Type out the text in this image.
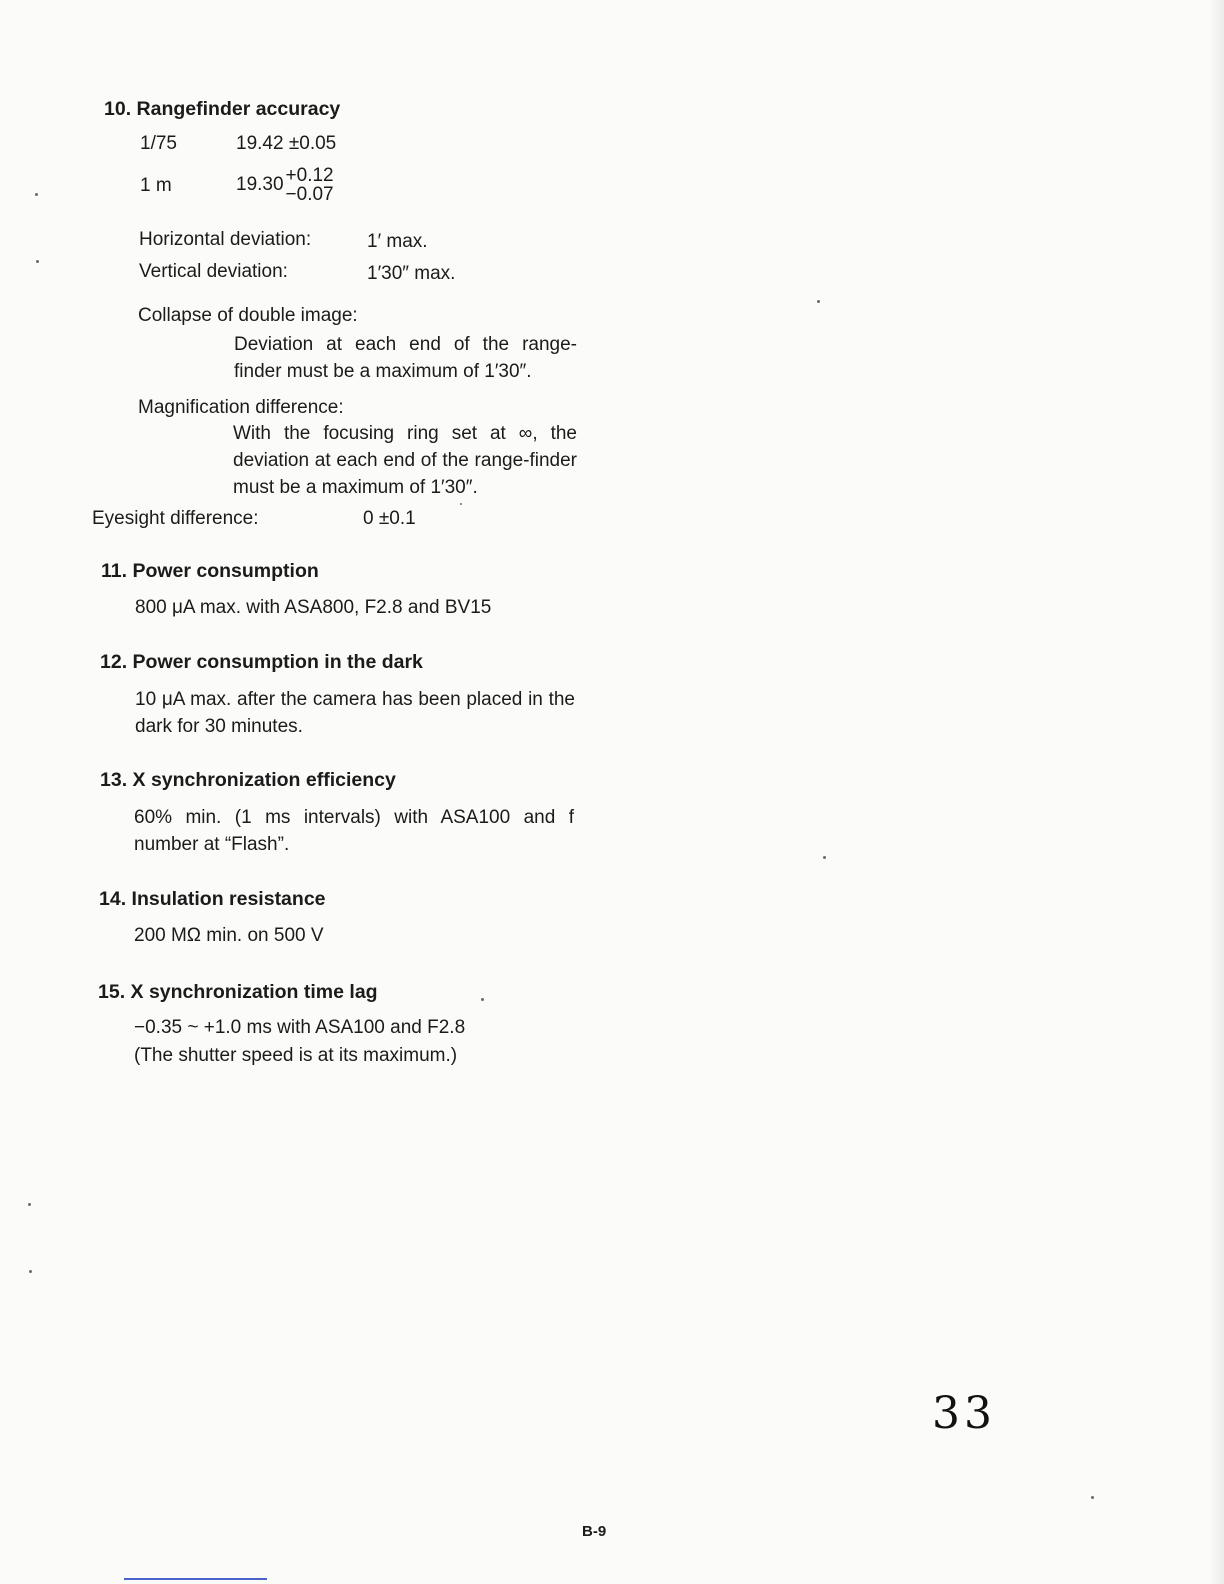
10. Rangefinder accuracy
1/75	19.42 ±0.05
1 m	19.30 +0.12
−0.07
Horizontal deviation:	1′ max.
Vertical deviation:	1′30″ max.
Collapse of double image:
Deviation at each end of the range-finder must be a maximum of 1′30″.
Magnification difference:
With the focusing ring set at ∞, the deviation at each end of the range-finder must be a maximum of 1′30″.
Eyesight difference:	0 ±0.1
11. Power consumption
800 μA max. with ASA800, F2.8 and BV15
12. Power consumption in the dark
10 μA max. after the camera has been placed in the dark for 30 minutes.
13. X synchronization efficiency
60% min. (1 ms intervals) with ASA100 and f number at “Flash”.
14. Insulation resistance
200 MΩ min. on 500 V
15. X synchronization time lag
−0.35 ~ +1.0 ms with ASA100 and F2.8
(The shutter speed is at its maximum.)
33
B-9
